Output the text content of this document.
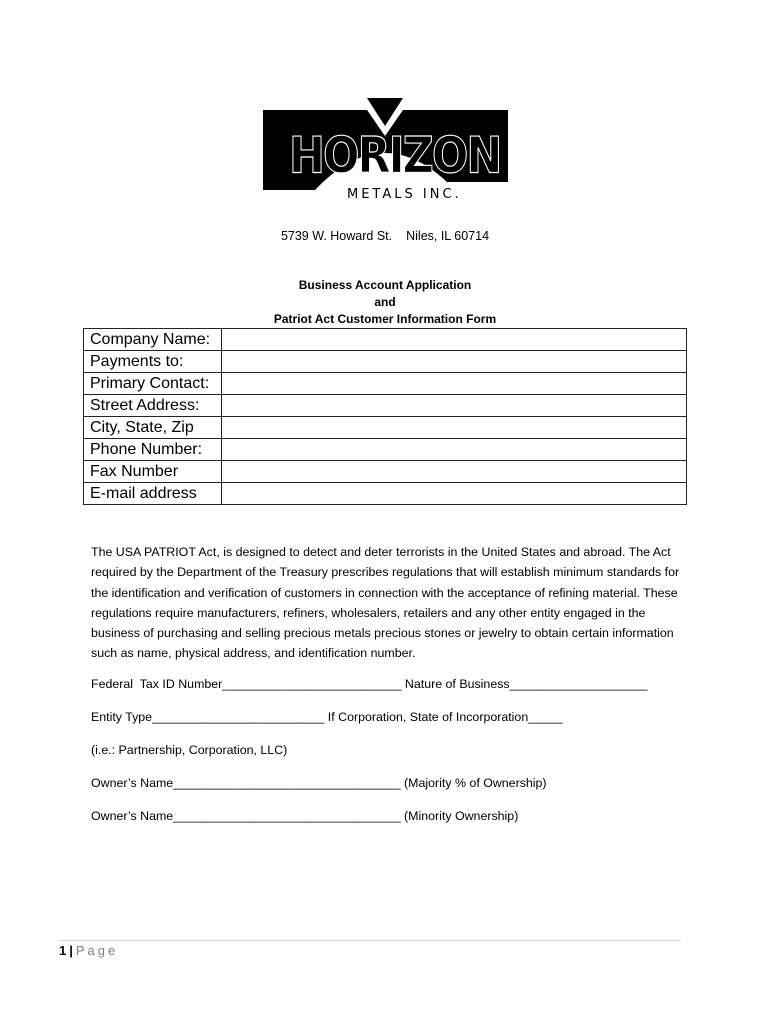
HORIZON
METALS INC.
5739 W. Howard St. Niles, IL 60714
Business Account Application
and
Patriot Act Customer Information Form
Company Name:	
Payments to:	
Primary Contact:	
Street Address:	
City, State, Zip	
Phone Number:	
Fax Number	
E-mail address	

The USA PATRIOT Act, is designed to detect and deter terrorists in the United States and abroad. The Act required by the Department of the Treasury prescribes regulations that will establish minimum standards for the identification and verification of customers in connection with the acceptance of refining material. These regulations require manufacturers, refiners, wholesalers, retailers and any other entity engaged in the business of purchasing and selling precious metals precious stones or jewelry to obtain certain information such as name, physical address, and identification number.

Federal  Tax ID Number__________________________ Nature of Business____________________
Entity Type_________________________ If Corporation, State of Incorporation_____
(i.e.: Partnership, Corporation, LLC)
Owner’s Name_________________________________ (Majority % of Ownership)
Owner’s Name_________________________________ (Minority Ownership)
1 | Page
